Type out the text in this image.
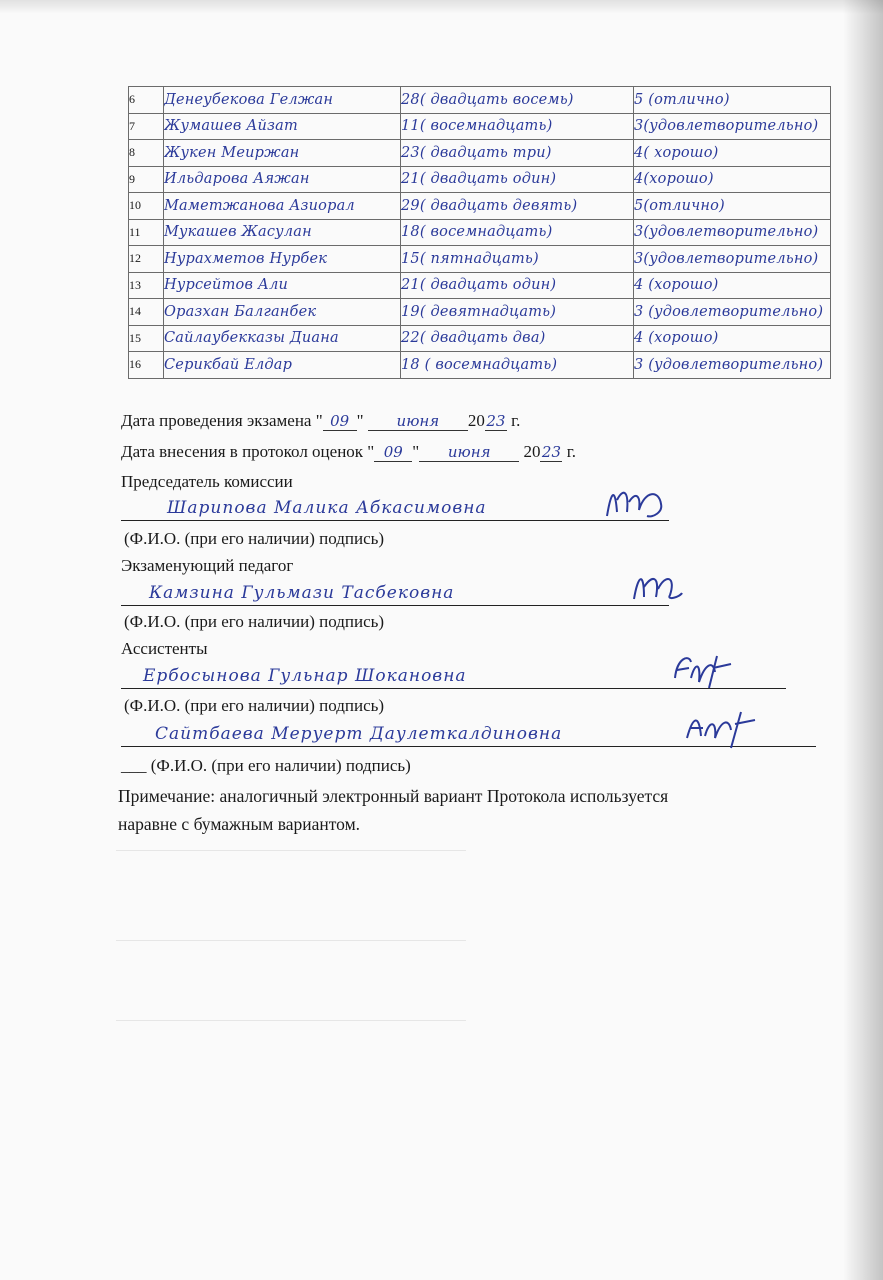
6	Денеубекова Гелжан	28( двадцать восемь)	5 (отлично)
7	Жумашев Айзат	11( восемнадцать)	3(удовлетворительно)
8	Жукен Меиржан	23( двадцать три)	4( хорошо)
9	Ильдарова Аяжан	21( двадцать один)	4(хорошо)
10	Маметжанова Азиорал	29( двадцать девять)	5(отлично)
11	Мукашев Жасулан	18( восемнадцать)	3(удовлетворительно)
12	Нурахметов Нурбек	15( пятнадцать)	3(удовлетворительно)
13	Нурсейтов Али	21( двадцать один)	4 (хорошо)
14	Оразхан Балганбек	19( девятнадцать)	3 (удовлетворительно)
15	Сайлаубекказы Диана	22( двадцать два)	4 (хорошо)
16	Серикбай Елдар	18 ( восемнадцать)	3 (удовлетворительно)
Дата проведения экзамена " 09 " июня 2023 г.
Дата внесения в протокол оценок " 09 " июня 2023 г.
Председатель комиссии
Шарипова Малика Абкасимовна
(Ф.И.О. (при его наличии) подпись)
Экзаменующий педагог
Камзина Гульмази Тасбековна
(Ф.И.О. (при его наличии) подпись)
Ассистенты
Ербосынова Гульнар Шокановна
(Ф.И.О. (при его наличии) подпись)
Сайтбаева Меруерт Даулеткалдиновна
___ (Ф.И.О. (при его наличии) подпись)
Примечание: аналогичный электронный вариант Протокола используется
наравне с бумажным вариантом.
